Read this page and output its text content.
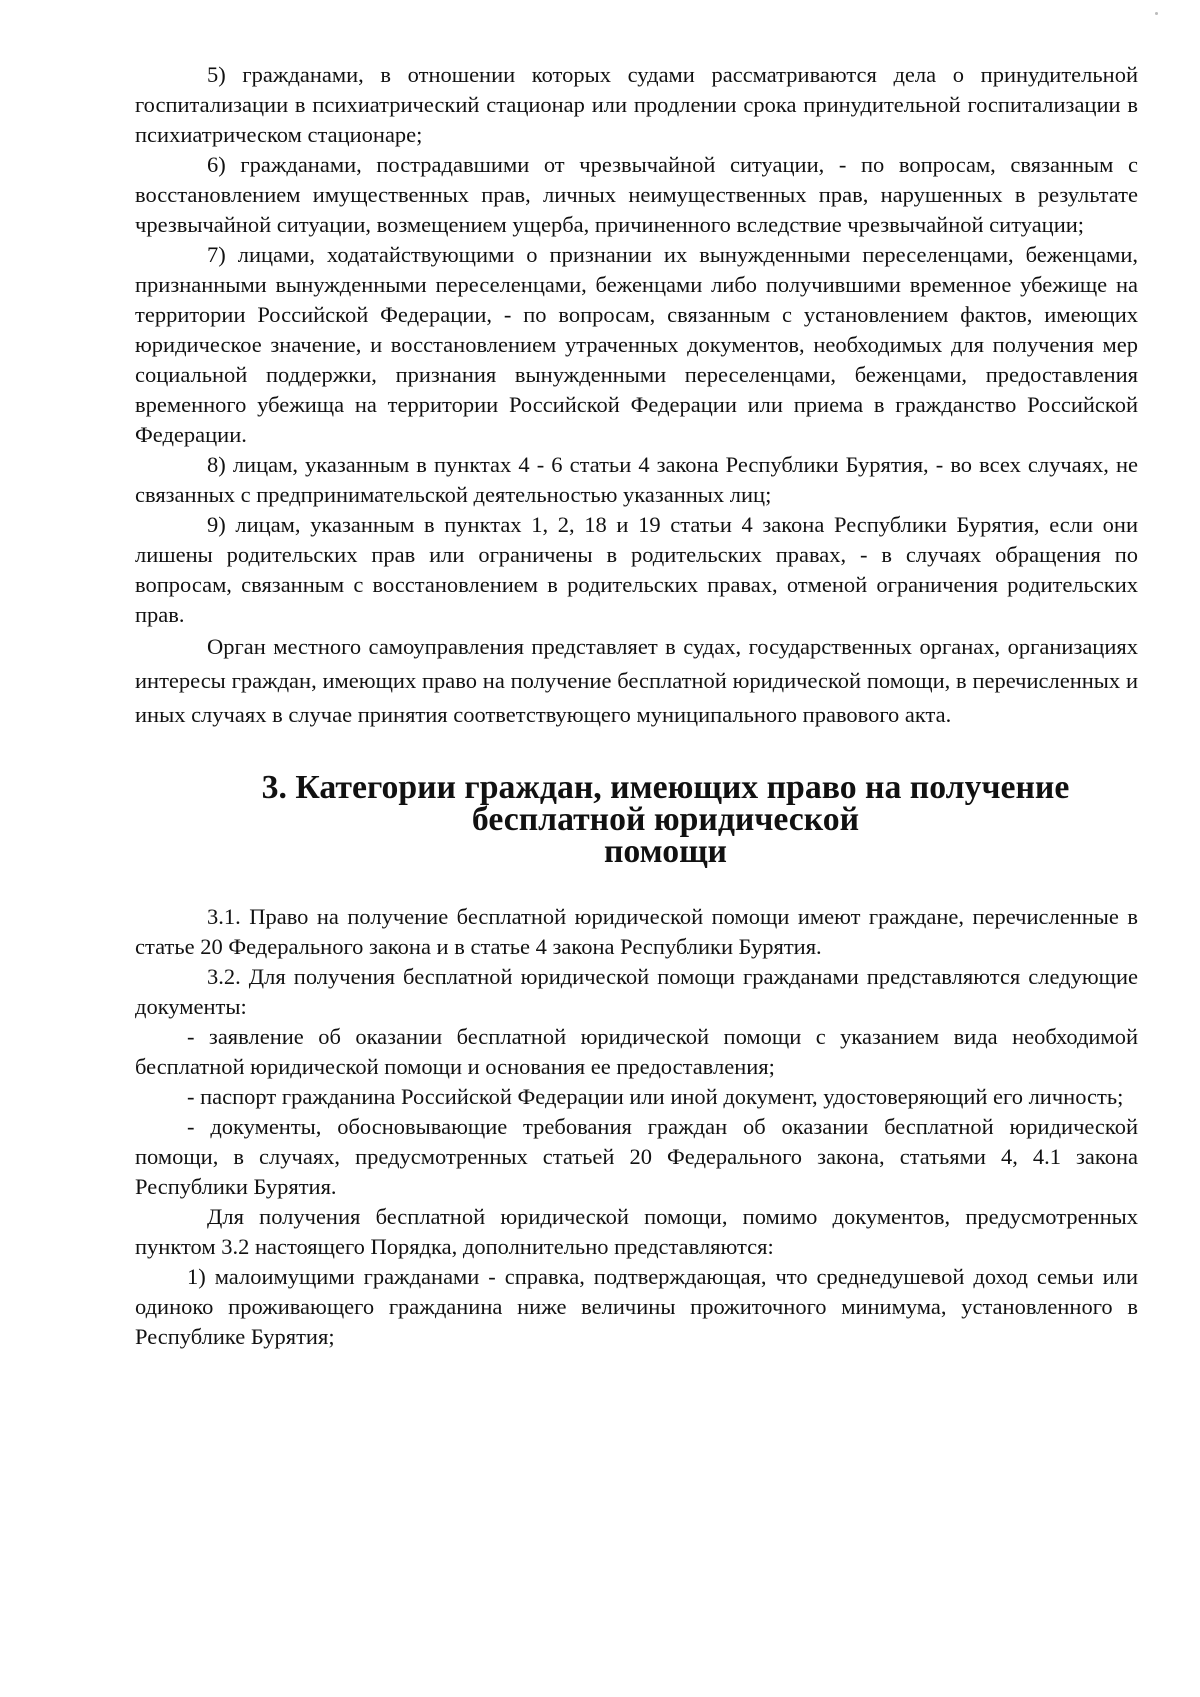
5) гражданами, в отношении которых судами рассматриваются дела о принудительной госпитализации в психиатрический стационар или продлении срока принудительной госпитализации в психиатрическом стационаре;

6) гражданами, пострадавшими от чрезвычайной ситуации, - по вопросам, связанным с восстановлением имущественных прав, личных неимущественных прав, нарушенных в результате чрезвычайной ситуации, возмещением ущерба, причиненного вследствие чрезвычайной ситуации;

7) лицами, ходатайствующими о признании их вынужденными переселенцами, беженцами, признанными вынужденными переселенцами, беженцами либо получившими временное убежище на территории Российской Федерации, - по вопросам, связанным с установлением фактов, имеющих юридическое значение, и восстановлением утраченных документов, необходимых для получения мер социальной поддержки, признания вынужденными переселенцами, беженцами, предоставления временного убежища на территории Российской Федерации или приема в гражданство Российской Федерации.

8) лицам, указанным в пунктах 4 - 6 статьи 4 закона Республики Бурятия, - во всех случаях, не связанных с предпринимательской деятельностью указанных лиц;

9) лицам, указанным в пунктах 1, 2, 18 и 19 статьи 4 закона Республики Бурятия, если они лишены родительских прав или ограничены в родительских правах, - в случаях обращения по вопросам, связанным с восстановлением в родительских правах, отменой ограничения родительских прав.

Орган местного самоуправления представляет в судах, государственных органах, организациях интересы граждан, имеющих право на получение бесплатной юридической помощи, в перечисленных и иных случаях в случае принятия соответствующего муниципального правового акта.

3. Категории граждан, имеющих право на получение бесплатной юридической
помощи

3.1. Право на получение бесплатной юридической помощи имеют граждане, перечисленные в статье 20 Федерального закона и в статье 4 закона Республики Бурятия.

3.2. Для получения бесплатной юридической помощи гражданами представляются следующие документы:

- заявление об оказании бесплатной юридической помощи с указанием вида необходимой бесплатной юридической помощи и основания ее предоставления;

- паспорт гражданина Российской Федерации или иной документ, удостоверяющий его личность;

- документы, обосновывающие требования граждан об оказании бесплатной юридической помощи, в случаях, предусмотренных статьей 20 Федерального закона, статьями 4, 4.1 закона Республики Бурятия.

Для получения бесплатной юридической помощи, помимо документов, предусмотренных пунктом 3.2 настоящего Порядка, дополнительно представляются:

1) малоимущими гражданами - справка, подтверждающая, что среднедушевой доход семьи или одиноко проживающего гражданина ниже величины прожиточного минимума, установленного в Республике Бурятия;
